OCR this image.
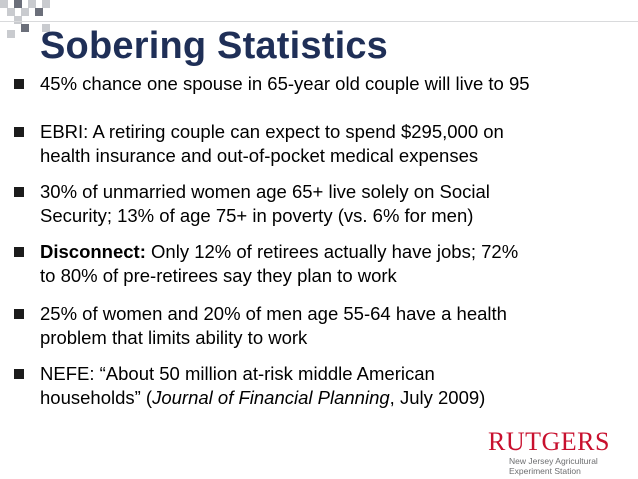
Sobering Statistics
45% chance one spouse in 65-year old couple will live to 95
EBRI: A retiring couple can expect to spend $295,000 on
health insurance and out-of-pocket medical expenses
30% of unmarried women age 65+ live solely on Social
Security; 13% of age 75+ in poverty (vs. 6% for men)
Disconnect: Only 12% of retirees actually have jobs; 72%
to 80% of pre-retirees say they plan to work
25% of women and 20% of men age 55-64 have a health
problem that limits ability to work
NEFE: “About 50 million at-risk middle American
households” (Journal of Financial Planning, July 2009)
RUTGERS
New Jersey Agricultural
Experiment Station
